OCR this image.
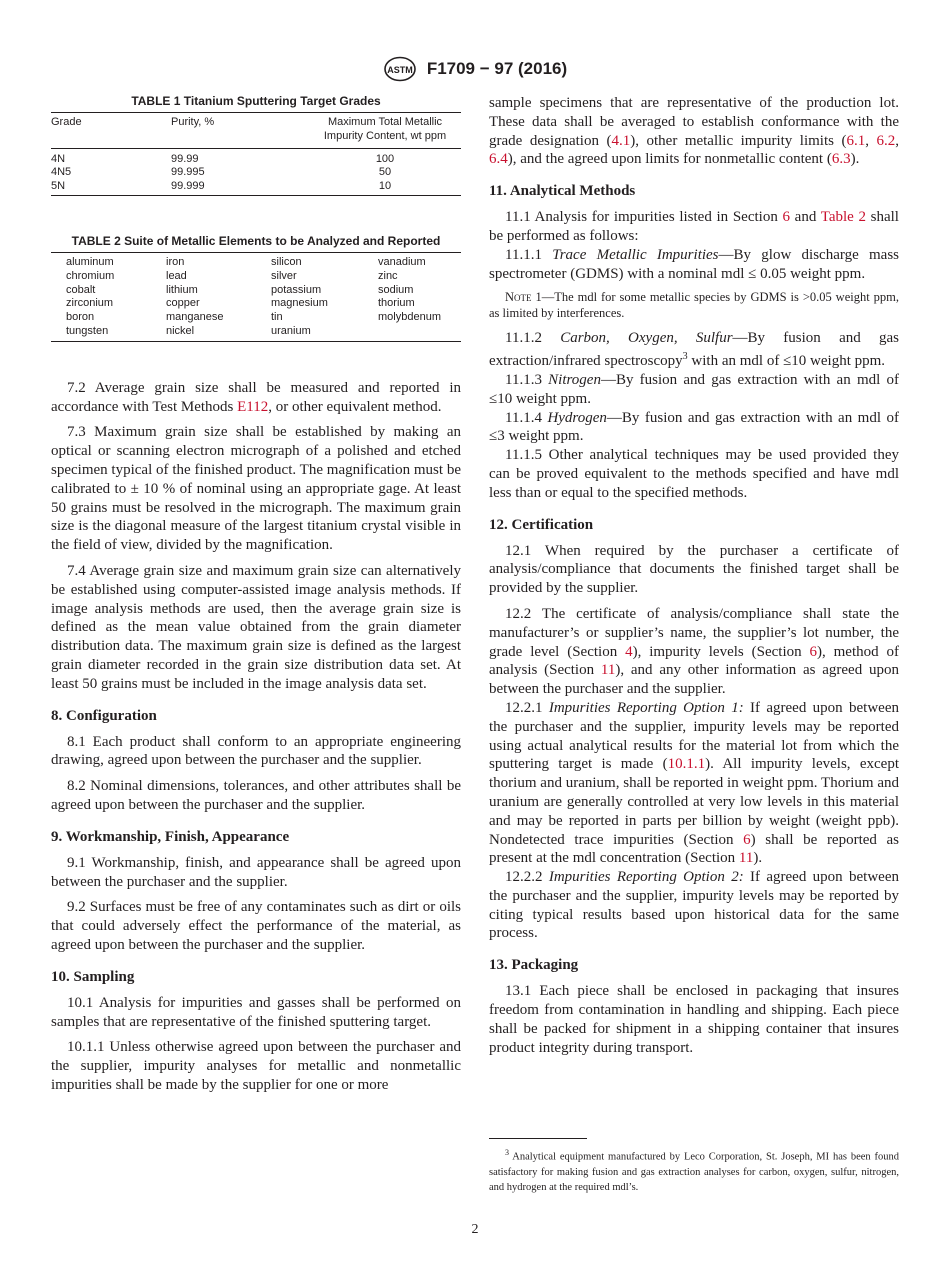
ASTM F1709 − 97 (2016)
TABLE 1 Titanium Sputtering Target Grades
Grade	Purity, %	Maximum Total Metallic Impurity Content, wt ppm
4N	99.99	100
4N5	99.995	50
5N	99.999	10
TABLE 2 Suite of Metallic Elements to be Analyzed and Reported
aluminum	iron	silicon	vanadium
chromium	lead	silver	zinc
cobalt	lithium	potassium	sodium
zirconium	copper	magnesium	thorium
boron	manganese	tin	molybdenum
tungsten	nickel	uranium	

7.2 Average grain size shall be measured and reported in accordance with Test Methods E112, or other equivalent method.

7.3 Maximum grain size shall be established by making an optical or scanning electron micrograph of a polished and etched specimen typical of the finished product. The magnification must be calibrated to ± 10 % of nominal using an appropriate gage. At least 50 grains must be resolved in the micrograph. The maximum grain size is the diagonal measure of the largest titanium crystal visible in the field of view, divided by the magnification.

7.4 Average grain size and maximum grain size can alternatively be established using computer-assisted image analysis methods. If image analysis methods are used, then the average grain size is defined as the mean value obtained from the grain diameter distribution data. The maximum grain size is defined as the largest grain diameter recorded in the grain size distribution data set. At least 50 grains must be included in the image analysis data set.

8. Configuration

8.1 Each product shall conform to an appropriate engineering drawing, agreed upon between the purchaser and the supplier.

8.2 Nominal dimensions, tolerances, and other attributes shall be agreed upon between the purchaser and the supplier.

9. Workmanship, Finish, Appearance

9.1 Workmanship, finish, and appearance shall be agreed upon between the purchaser and the supplier.

9.2 Surfaces must be free of any contaminates such as dirt or oils that could adversely effect the performance of the material, as agreed upon between the purchaser and the supplier.

10. Sampling

10.1 Analysis for impurities and gasses shall be performed on samples that are representative of the finished sputtering target.

10.1.1 Unless otherwise agreed upon between the purchaser and the supplier, impurity analyses for metallic and nonmetallic impurities shall be made by the supplier for one or more

sample specimens that are representative of the production lot. These data shall be averaged to establish conformance with the grade designation (4.1), other metallic impurity limits (6.1, 6.2, 6.4), and the agreed upon limits for nonmetallic content (6.3).

11. Analytical Methods

11.1 Analysis for impurities listed in Section 6 and Table 2 shall be performed as follows:

11.1.1 Trace Metallic Impurities—By glow discharge mass spectrometer (GDMS) with a nominal mdl ≤ 0.05 weight ppm.

Note 1—The mdl for some metallic species by GDMS is >0.05 weight ppm, as limited by interferences.

11.1.2 Carbon, Oxygen, Sulfur—By fusion and gas extraction/infrared spectroscopy$^3$ with an mdl of ≤10 weight ppm.

11.1.3 Nitrogen—By fusion and gas extraction with an mdl of ≤10 weight ppm.

11.1.4 Hydrogen—By fusion and gas extraction with an mdl of ≤3 weight ppm.

11.1.5 Other analytical techniques may be used provided they can be proved equivalent to the methods specified and have mdl less than or equal to the specified methods.

12. Certification

12.1 When required by the purchaser a certificate of analysis/compliance that documents the finished target shall be provided by the supplier.

12.2 The certificate of analysis/compliance shall state the manufacturer’s or supplier’s name, the supplier’s lot number, the grade level (Section 4), impurity levels (Section 6), method of analysis (Section 11), and any other information as agreed upon between the purchaser and the supplier.

12.2.1 Impurities Reporting Option 1: If agreed upon between the purchaser and the supplier, impurity levels may be reported using actual analytical results for the material lot from which the sputtering target is made (10.1.1). All impurity levels, except thorium and uranium, shall be reported in weight ppm. Thorium and uranium are generally controlled at very low levels in this material and may be reported in parts per billion by weight (weight ppb). Nondetected trace impurities (Section 6) shall be reported as present at the mdl concentration (Section 11).

12.2.2 Impurities Reporting Option 2: If agreed upon between the purchaser and the supplier, impurity levels may be reported by citing typical results based upon historical data for the same process.

13. Packaging

13.1 Each piece shall be enclosed in packaging that insures freedom from contamination in handling and shipping. Each piece shall be packed for shipment in a shipping container that insures product integrity during transport.

$^3$ Analytical equipment manufactured by Leco Corporation, St. Joseph, MI has been found satisfactory for making fusion and gas extraction analyses for carbon, oxygen, sulfur, nitrogen, and hydrogen at the required mdl’s.
2
